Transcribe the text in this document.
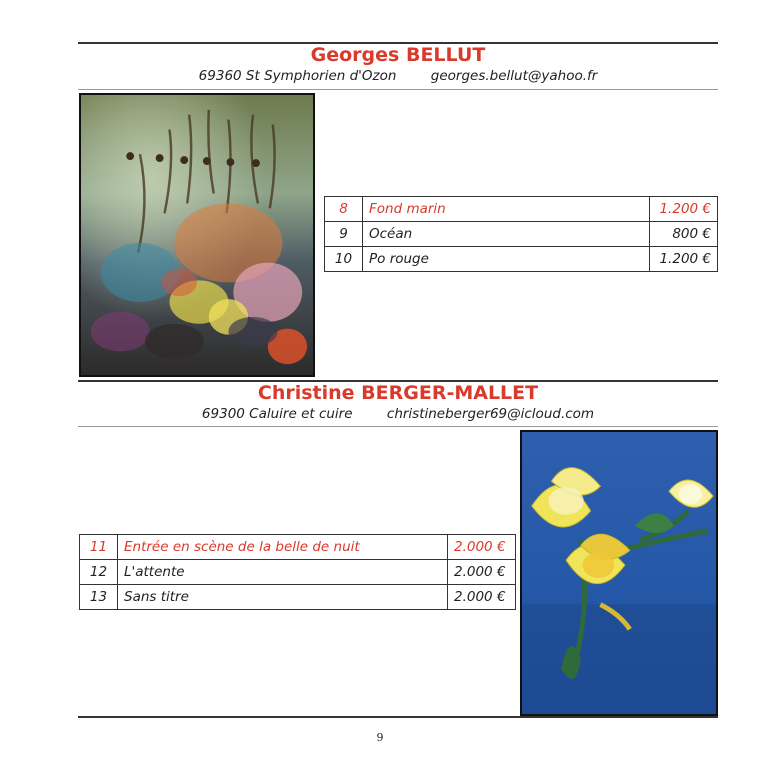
Georges BELLUT
69360 St Symphorien d'Ozon	georges.bellut@yahoo.fr
8	Fond marin	1.200 €
9	Océan	800 €
10	Po rouge	1.200 €
Christine BERGER-MALLET
69300 Caluire et cuire	christineberger69@icloud.com
11	Entrée en scène de la belle de nuit	2.000 €
12	L'attente	2.000 €
13	Sans titre	2.000 €
9
